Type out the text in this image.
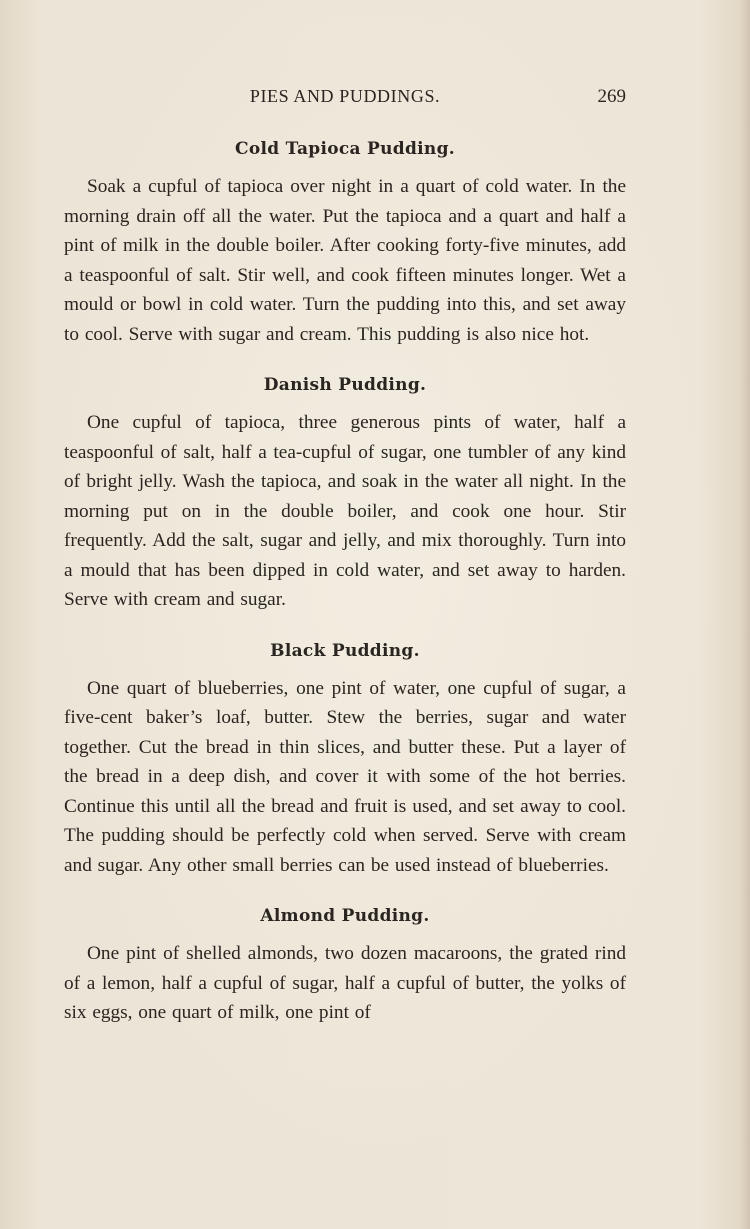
PIES AND PUDDINGS.	269
Cold Tapioca Pudding.

Soak a cupful of tapioca over night in a quart of cold water. In the morning drain off all the water. Put the tapioca and a quart and half a pint of milk in the double boiler. After cooking forty-five minutes, add a teaspoonful of salt. Stir well, and cook fifteen minutes longer. Wet a mould or bowl in cold water. Turn the pudding into this, and set away to cool. Serve with sugar and cream. This pudding is also nice hot.

Danish Pudding.

One cupful of tapioca, three generous pints of water, half a teaspoonful of salt, half a tea-cupful of sugar, one tumbler of any kind of bright jelly. Wash the tapioca, and soak in the water all night. In the morning put on in the double boiler, and cook one hour. Stir frequently. Add the salt, sugar and jelly, and mix thoroughly. Turn into a mould that has been dipped in cold water, and set away to harden. Serve with cream and sugar.

Black Pudding.

One quart of blueberries, one pint of water, one cupful of sugar, a five-cent baker’s loaf, butter. Stew the berries, sugar and water together. Cut the bread in thin slices, and butter these. Put a layer of the bread in a deep dish, and cover it with some of the hot berries. Continue this until all the bread and fruit is used, and set away to cool. The pudding should be perfectly cold when served. Serve with cream and sugar. Any other small berries can be used instead of blueberries.

Almond Pudding.

One pint of shelled almonds, two dozen macaroons, the grated rind of a lemon, half a cupful of sugar, half a cupful of butter, the yolks of six eggs, one quart of milk, one pint of
